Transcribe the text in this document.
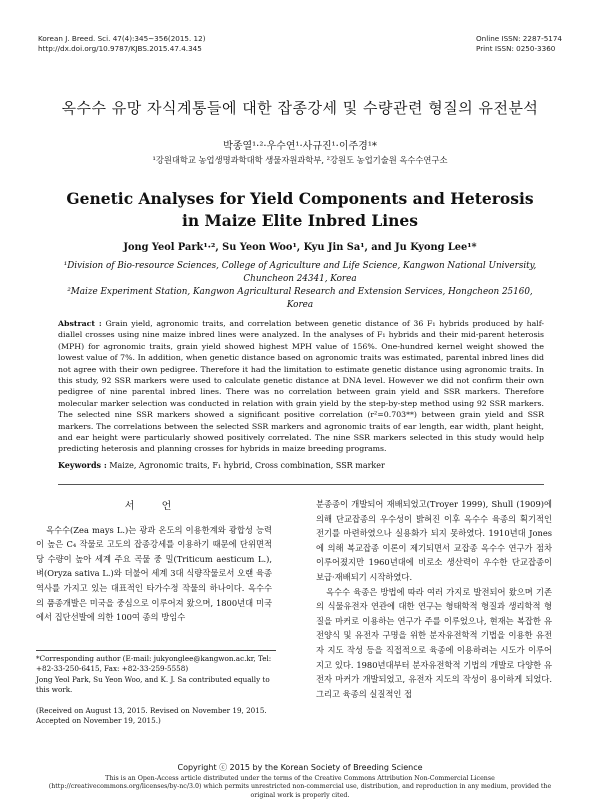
Korean J. Breed. Sci. 47(4):345~356(2015. 12)
http://dx.doi.org/10.9787/KJBS.2015.47.4.345
Online ISSN: 2287-5174
Print ISSN: 0250-3360
옥수수 유망 자식계통들에 대한 잡종강세 및 수량관련 형질의 유전분석
박종열¹·²·우수연¹·사규진¹·이주경¹*
¹강원대학교 농업생명과학대학 생물자원과학부, ²강원도 농업기술원 옥수수연구소
Genetic Analyses for Yield Components and Heterosis in Maize Elite Inbred Lines
Jong Yeol Park¹·², Su Yeon Woo¹, Kyu Jin Sa¹, and Ju Kyong Lee¹*
¹Division of Bio-resource Sciences, College of Agriculture and Life Science, Kangwon National University, Chuncheon 24341, Korea
²Maize Experiment Station, Kangwon Agricultural Research and Extension Services, Hongcheon 25160, Korea
Abstract : Grain yield, agronomic traits, and correlation between genetic distance of 36 F₁ hybrids produced by half-diallel crosses using nine maize inbred lines were analyzed. In the analyses of F₁ hybrids and their mid-parent heterosis (MPH) for agronomic traits, grain yield showed highest MPH value of 156%. One-hundred kernel weight showed the lowest value of 7%. In addition, when genetic distance based on agronomic traits was estimated, parental inbred lines did not agree with their own pedigree. Therefore it had the limitation to estimate genetic distance using agronomic traits. In this study, 92 SSR markers were used to calculate genetic distance at DNA level. However we did not confirm their own pedigree of nine parental inbred lines. There was no correlation between grain yield and SSR markers. Therefore molecular marker selection was conducted in relation with grain yield by the step-by-step method using 92 SSR markers. The selected nine SSR markers showed a significant positive correlation (r²=0.703**) between grain yield and SSR markers. The correlations between the selected SSR markers and agronomic traits of ear length, ear width, plant height, and ear height were particularly showed positively correlated. The nine SSR markers selected in this study would help predicting heterosis and planning crosses for hybrids in maize breeding programs.
Keywords : Maize, Agronomic traits, F₁ hybrid, Cross combination, SSR marker
서 언

옥수수(Zea mays L.)는 광과 온도의 이용한계와 광합성 능력이 높은 C₄ 작물로 고도의 잡종강세를 이용하기 때문에 단위면적당 수량이 높아 세계 주요 곡물 중 밀(Triticum aesticum L.), 벼(Oryza sativa L.)와 더불어 세계 3대 식량작물로서 오랜 육종역사를 가지고 있는 대표적인 타가수정 작물의 하나이다. 옥수수의 품종개발은 미국을 중심으로 이루어져 왔으며, 1800년대 미국에서 집단선발에 의한 100여 종의 방임수

분종종이 개발되어 재배되었고(Troyer 1999), Shull (1909)에 의해 단교잡종의 우수성이 밝혀진 이후 옥수수 육종의 획기적인 전기를 마련하였으나 실용화가 되지 못하였다. 1910년대 Jones에 의해 복교잡종 이론이 제기되면서 교잡종 옥수수 연구가 점차 이루어졌지만 1960년대에 비로소 생산력이 우수한 단교잡종이 보급·재배되기 시작하였다.

옥수수 육종은 방법에 따라 여러 가지로 발전되어 왔으며 기존의 식물유전자 연관에 대한 연구는 형태학적 형질과 생리학적 형질을 마커로 이용하는 연구가 주를 이루었으나, 현재는 복잡한 유전양식 및 유전자 구명을 위한 분자유전학적 기법을 이용한 유전자 지도 작성 등을 직접적으로 육종에 이용하려는 시도가 이루어지고 있다. 1980년대부터 분자유전학적 기법의 개발로 다양한 유전자 마커가 개발되었고, 유전자 지도의 작성이 용이하게 되었다. 그리고 육종의 실질적인 접

*Corresponding author (E-mail: jukyonglee@kangwon.ac.kr, Tel: +82-33-250-6415, Fax: +82-33-259-5558)

Jong Yeol Park, Su Yeon Woo, and K. J. Sa contributed equally to this work.

(Received on August 13, 2015. Revised on November 19, 2015. Accepted on November 19, 2015.)

Copyright ⓒ 2015 by the Korean Society of Breeding Science
This is an Open-Access article distributed under the terms of the Creative Commons Attribution Non-Commercial License (http://creativecommons.org/licenses/by-nc/3.0) which permits unrestricted non-commercial use, distribution, and reproduction in any medium, provided the original work is properly cited.
